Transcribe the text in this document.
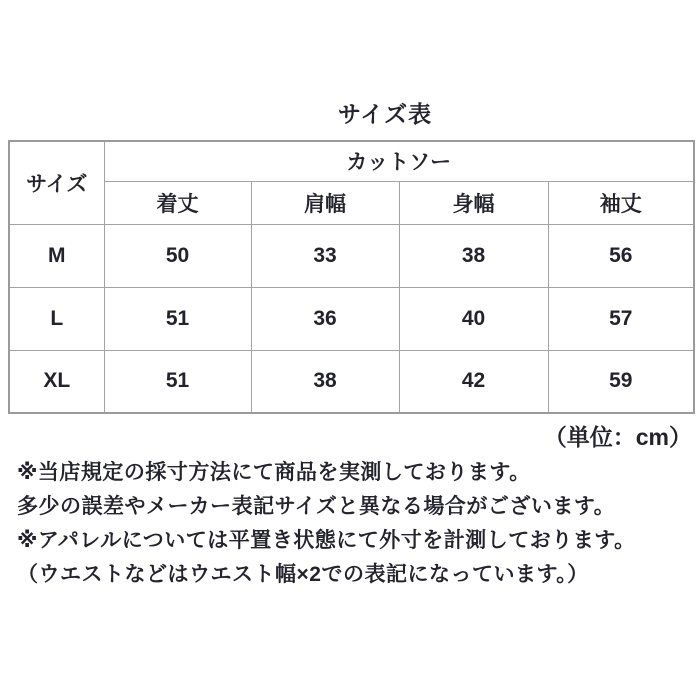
サイズ表
サイズ	カットソー			
	着丈	肩幅	身幅	袖丈
M	50	33	38	56
L	51	36	40	57
XL	51	38	42	59
（単位：cm）
※当店規定の採寸方法にて商品を実測しております。
多少の誤差やメーカー表記サイズと異なる場合がございます。
※アパレルについては平置き状態にて外寸を計測しております。
（ウエストなどはウエスト幅×2での表記になっています。）
